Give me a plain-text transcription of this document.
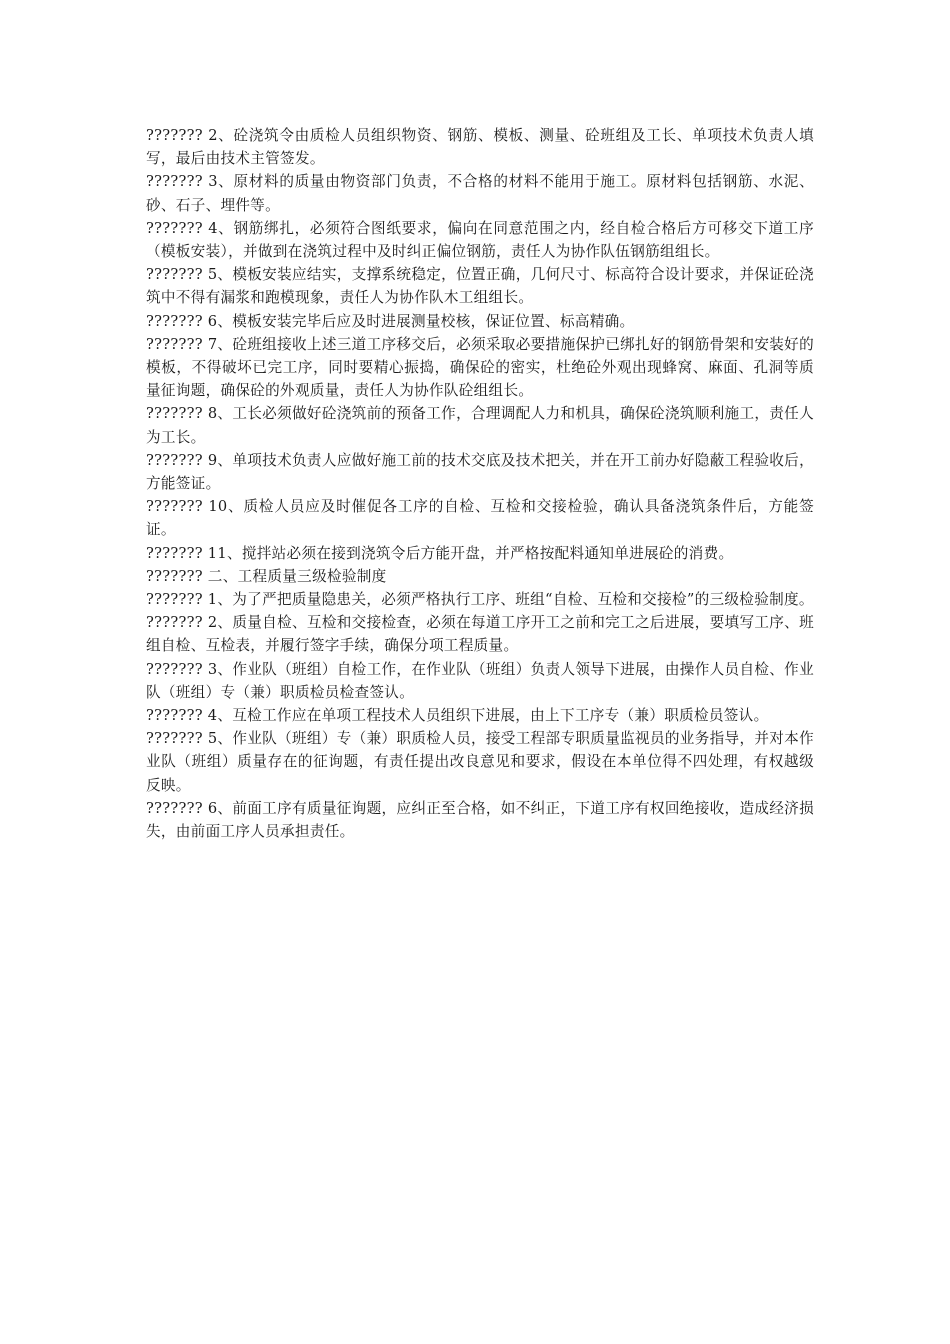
??????? 2、砼浇筑令由质检人员组织物资、钢筋、模板、测量、砼班组及工长、单项技术负责人填写，最后由技术主管签发。

??????? 3、原材料的质量由物资部门负责，不合格的材料不能用于施工。原材料包括钢筋、水泥、砂、石子、埋件等。

??????? 4、钢筋绑扎，必须符合图纸要求，偏向在同意范围之内，经自检合格后方可移交下道工序（模板安装），并做到在浇筑过程中及时纠正偏位钢筋，责任人为协作队伍钢筋组组长。

??????? 5、模板安装应结实，支撑系统稳定，位置正确，几何尺寸、标高符合设计要求，并保证砼浇筑中不得有漏浆和跑模现象，责任人为协作队木工组组长。

??????? 6、模板安装完毕后应及时进展测量校核，保证位置、标高精确。

??????? 7、砼班组接收上述三道工序移交后，必须采取必要措施保护已绑扎好的钢筋骨架和安装好的模板，不得破坏已完工序，同时要精心振捣，确保砼的密实，杜绝砼外观出现蜂窝、麻面、孔洞等质量征询题，确保砼的外观质量，责任人为协作队砼组组长。

??????? 8、工长必须做好砼浇筑前的预备工作，合理调配人力和机具，确保砼浇筑顺利施工，责任人为工长。

??????? 9、单项技术负责人应做好施工前的技术交底及技术把关，并在开工前办好隐蔽工程验收后，方能签证。

??????? 10、质检人员应及时催促各工序的自检、互检和交接检验，确认具备浇筑条件后，方能签证。

??????? 11、搅拌站必须在接到浇筑令后方能开盘，并严格按配料通知单进展砼的消费。

??????? 二、工程质量三级检验制度

??????? 1、为了严把质量隐患关，必须严格执行工序、班组“自检、互检和交接检”的三级检验制度。

??????? 2、质量自检、互检和交接检查，必须在每道工序开工之前和完工之后进展，要填写工序、班组自检、互检表，并履行签字手续，确保分项工程质量。

??????? 3、作业队（班组）自检工作，在作业队（班组）负责人领导下进展，由操作人员自检、作业队（班组）专（兼）职质检员检查签认。

??????? 4、互检工作应在单项工程技术人员组织下进展，由上下工序专（兼）职质检员签认。

??????? 5、作业队（班组）专（兼）职质检人员，接受工程部专职质量监视员的业务指导，并对本作业队（班组）质量存在的征询题，有责任提出改良意见和要求，假设在本单位得不四处理，有权越级反映。

??????? 6、前面工序有质量征询题，应纠正至合格，如不纠正，下道工序有权回绝接收，造成经济损失，由前面工序人员承担责任。
